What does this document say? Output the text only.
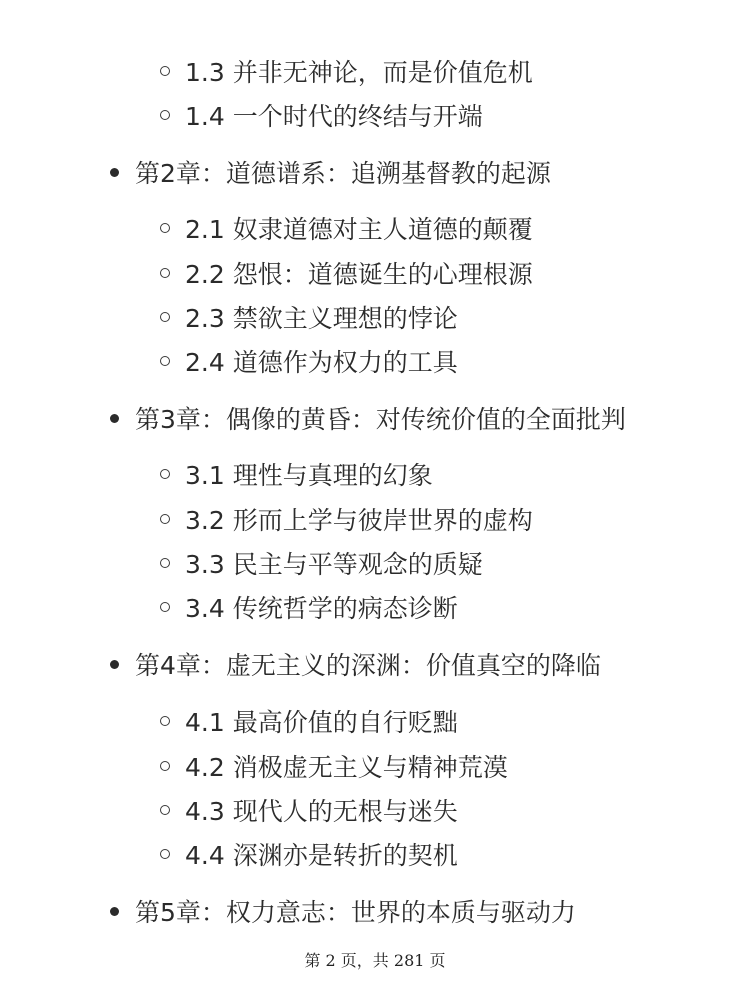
1.3 并非无神论，而是价值危机
1.4 一个时代的终结与开端
第2章：道德谱系：追溯基督教的起源
2.1 奴隶道德对主人道德的颠覆
2.2 怨恨：道德诞生的心理根源
2.3 禁欲主义理想的悖论
2.4 道德作为权力的工具
第3章：偶像的黄昏：对传统价值的全面批判
3.1 理性与真理的幻象
3.2 形而上学与彼岸世界的虚构
3.3 民主与平等观念的质疑
3.4 传统哲学的病态诊断
第4章：虚无主义的深渊：价值真空的降临
4.1 最高价值的自行贬黜
4.2 消极虚无主义与精神荒漠
4.3 现代人的无根与迷失
4.4 深渊亦是转折的契机
第5章：权力意志：世界的本质与驱动力
第 2 页，共 281 页
